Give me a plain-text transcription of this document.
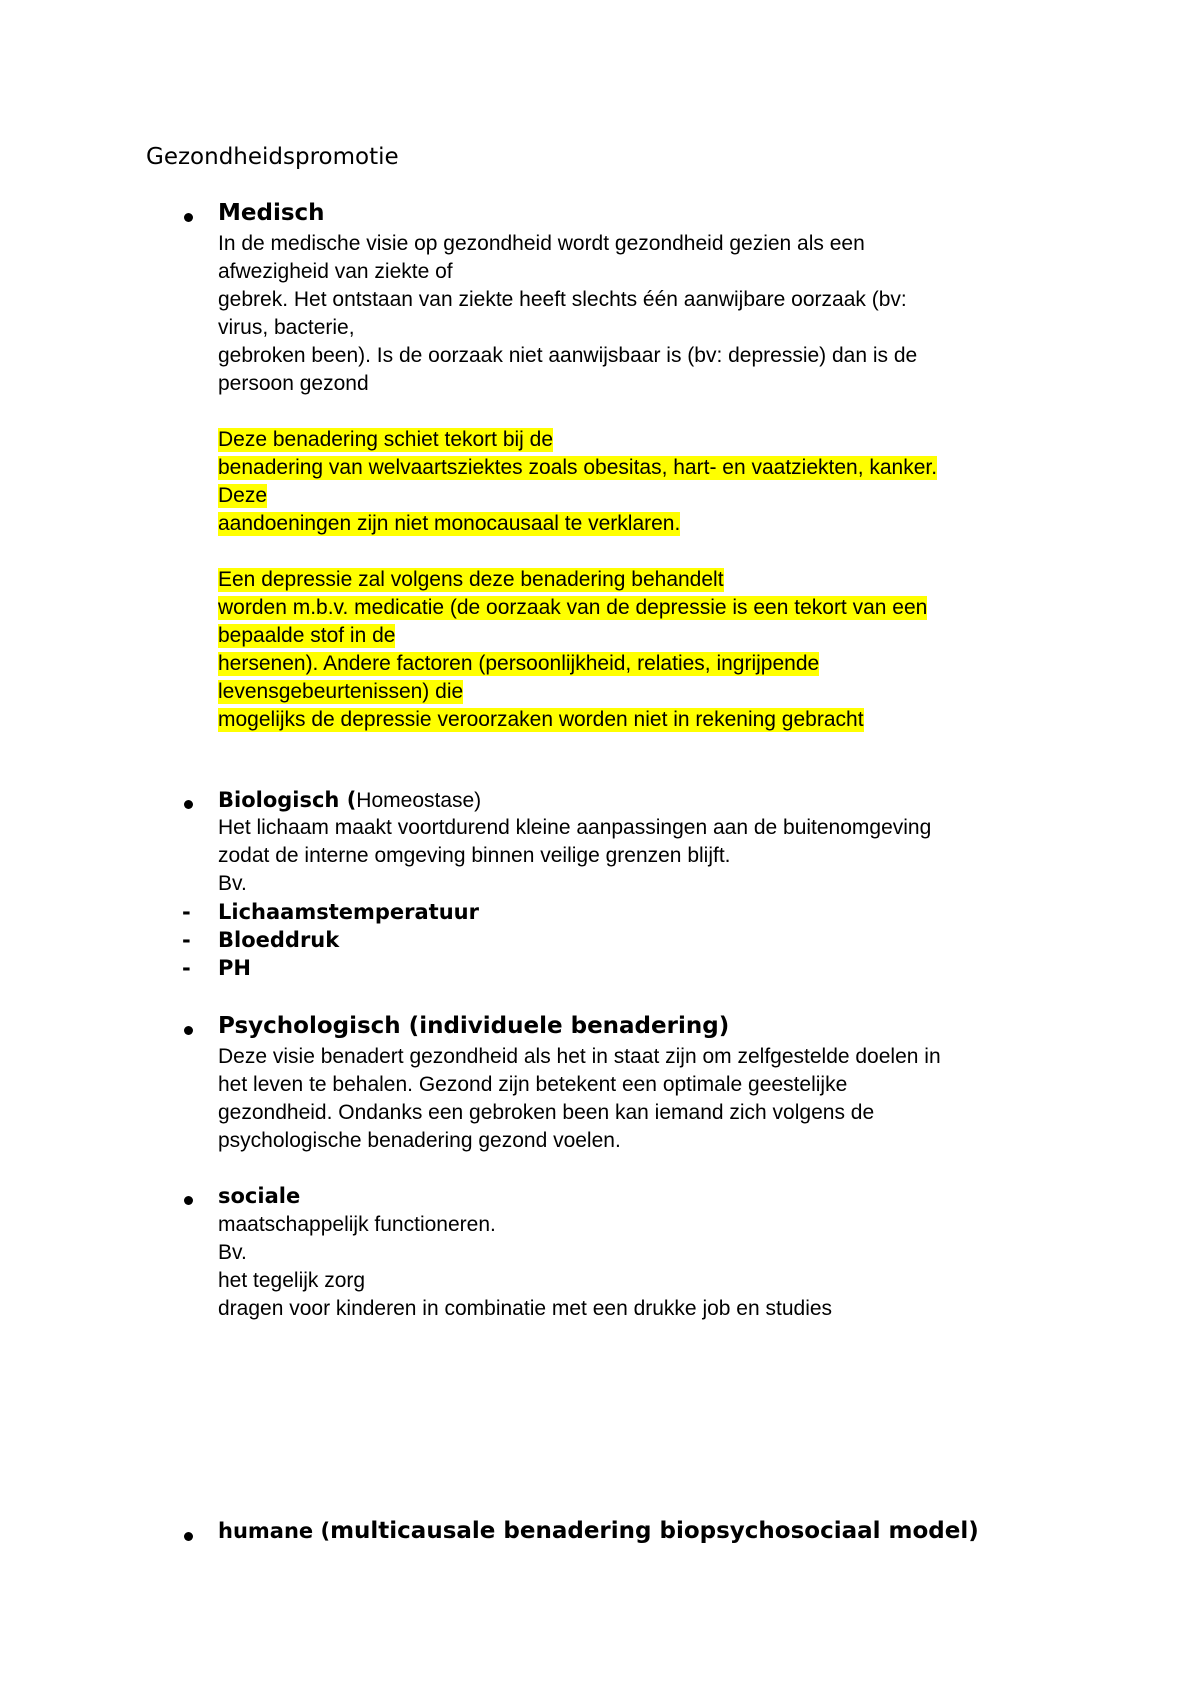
Gezondheidspromotie
Medisch
In de medische visie op gezondheid wordt gezondheid gezien als een
afwezigheid van ziekte of
gebrek. Het ontstaan van ziekte heeft slechts één aanwijbare oorzaak (bv:
virus, bacterie,
gebroken been). Is de oorzaak niet aanwijsbaar is (bv: depressie) dan is de
persoon gezond
Deze benadering schiet tekort bij de
benadering van welvaartsziektes zoals obesitas, hart- en vaatziekten, kanker.
Deze
aandoeningen zijn niet monocausaal te verklaren.
Een depressie zal volgens deze benadering behandelt
worden m.b.v. medicatie (de oorzaak van de depressie is een tekort van een
bepaalde stof in de
hersenen). Andere factoren (persoonlijkheid, relaties, ingrijpende
levensgebeurtenissen) die
mogelijks de depressie veroorzaken worden niet in rekening gebracht
Biologisch (Homeostase)
Het lichaam maakt voortdurend kleine aanpassingen aan de buitenomgeving
zodat de interne omgeving binnen veilige grenzen blijft.
Bv.
- Lichaamstemperatuur
- Bloeddruk
- PH
Psychologisch (individuele benadering)
Deze visie benadert gezondheid als het in staat zijn om zelfgestelde doelen in
het leven te behalen. Gezond zijn betekent een optimale geestelijke
gezondheid. Ondanks een gebroken been kan iemand zich volgens de
psychologische benadering gezond voelen.
sociale
maatschappelijk functioneren.
Bv.
het tegelijk zorg
dragen voor kinderen in combinatie met een drukke job en studies
humane (multicausale benadering biopsychosociaal model)
